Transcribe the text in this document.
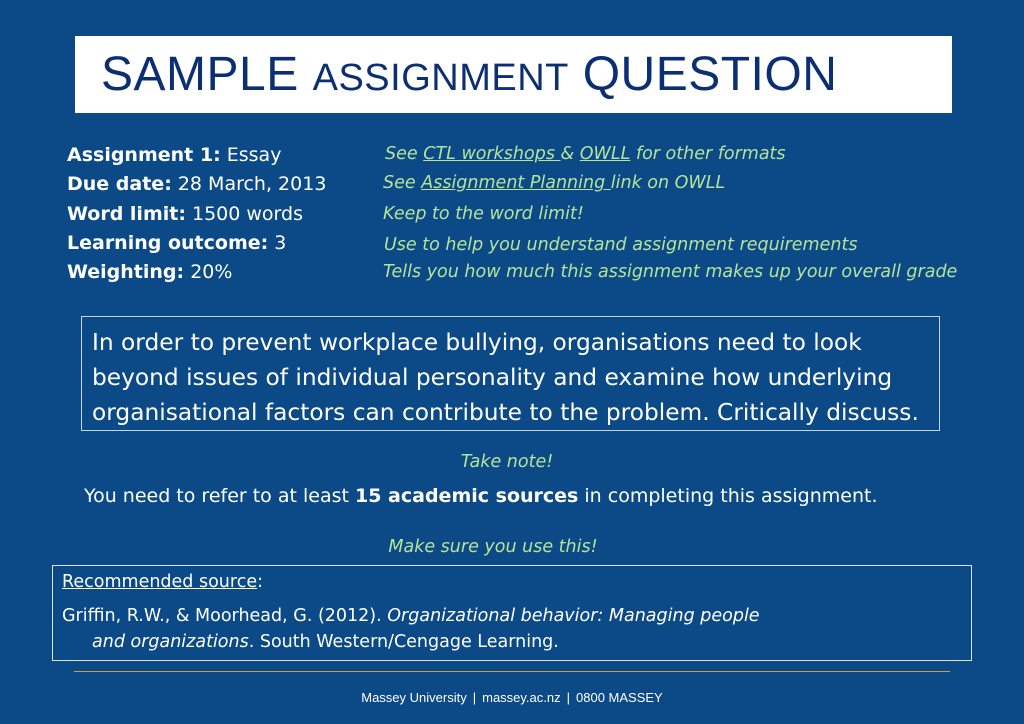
SAMPLE ASSIGNMENT QUESTION
Assignment 1: Essay
Due date: 28 March, 2013
Word limit: 1500 words
Learning outcome: 3
Weighting: 20%
See CTL workshops & OWLL for other formats
See Assignment Planning link on OWLL
Keep to the word limit!
Use to help you understand assignment requirements
Tells you how much this assignment makes up your overall grade
In order to prevent workplace bullying, organisations need to look beyond issues of individual personality and examine how underlying organisational factors can contribute to the problem. Critically discuss.
Take note!
You need to refer to at least 15 academic sources in completing this assignment.
Make sure you use this!
Recommended source:
Griffin, R.W., & Moorhead, G. (2012). Organizational behavior: Managing people
and organizations. South Western/Cengage Learning.
Massey University | massey.ac.nz | 0800 MASSEY
